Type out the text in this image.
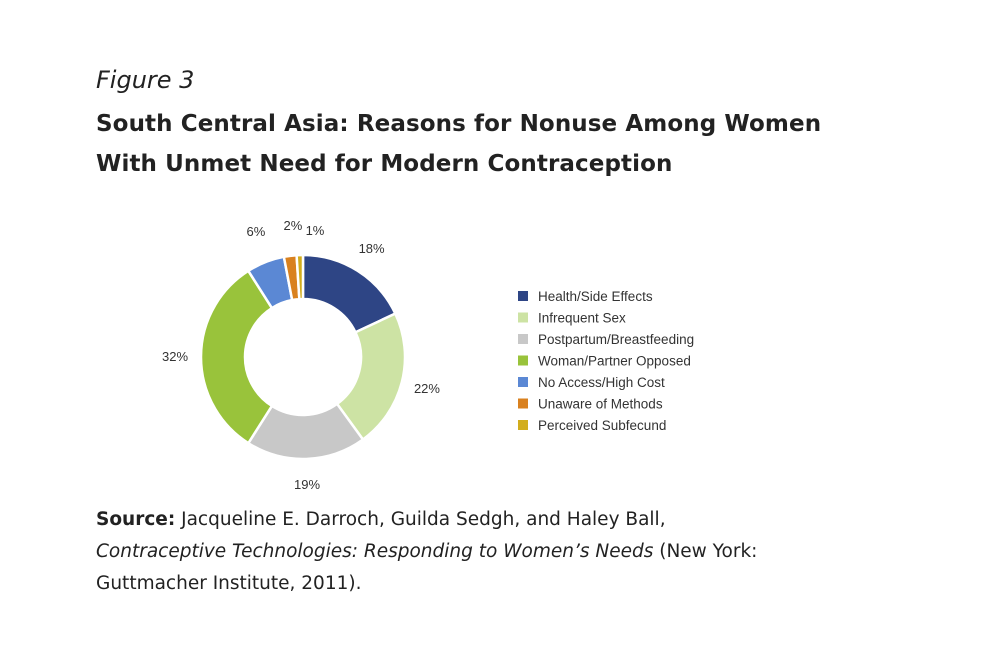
Figure 3
South Central Asia: Reasons for Nonuse Among Women
With Unmet Need for Modern Contraception
18%
22%
19%
32%
6% 2% 1%
Health/Side Effects
Infrequent Sex
Postpartum/Breastfeeding
Woman/Partner Opposed
No Access/High Cost
Unaware of Methods
Perceived Subfecund
Source: Jacqueline E. Darroch, Guilda Sedgh, and Haley Ball,
Contraceptive Technologies: Responding to Women’s Needs (New York: Guttmacher Institute, 2011).
